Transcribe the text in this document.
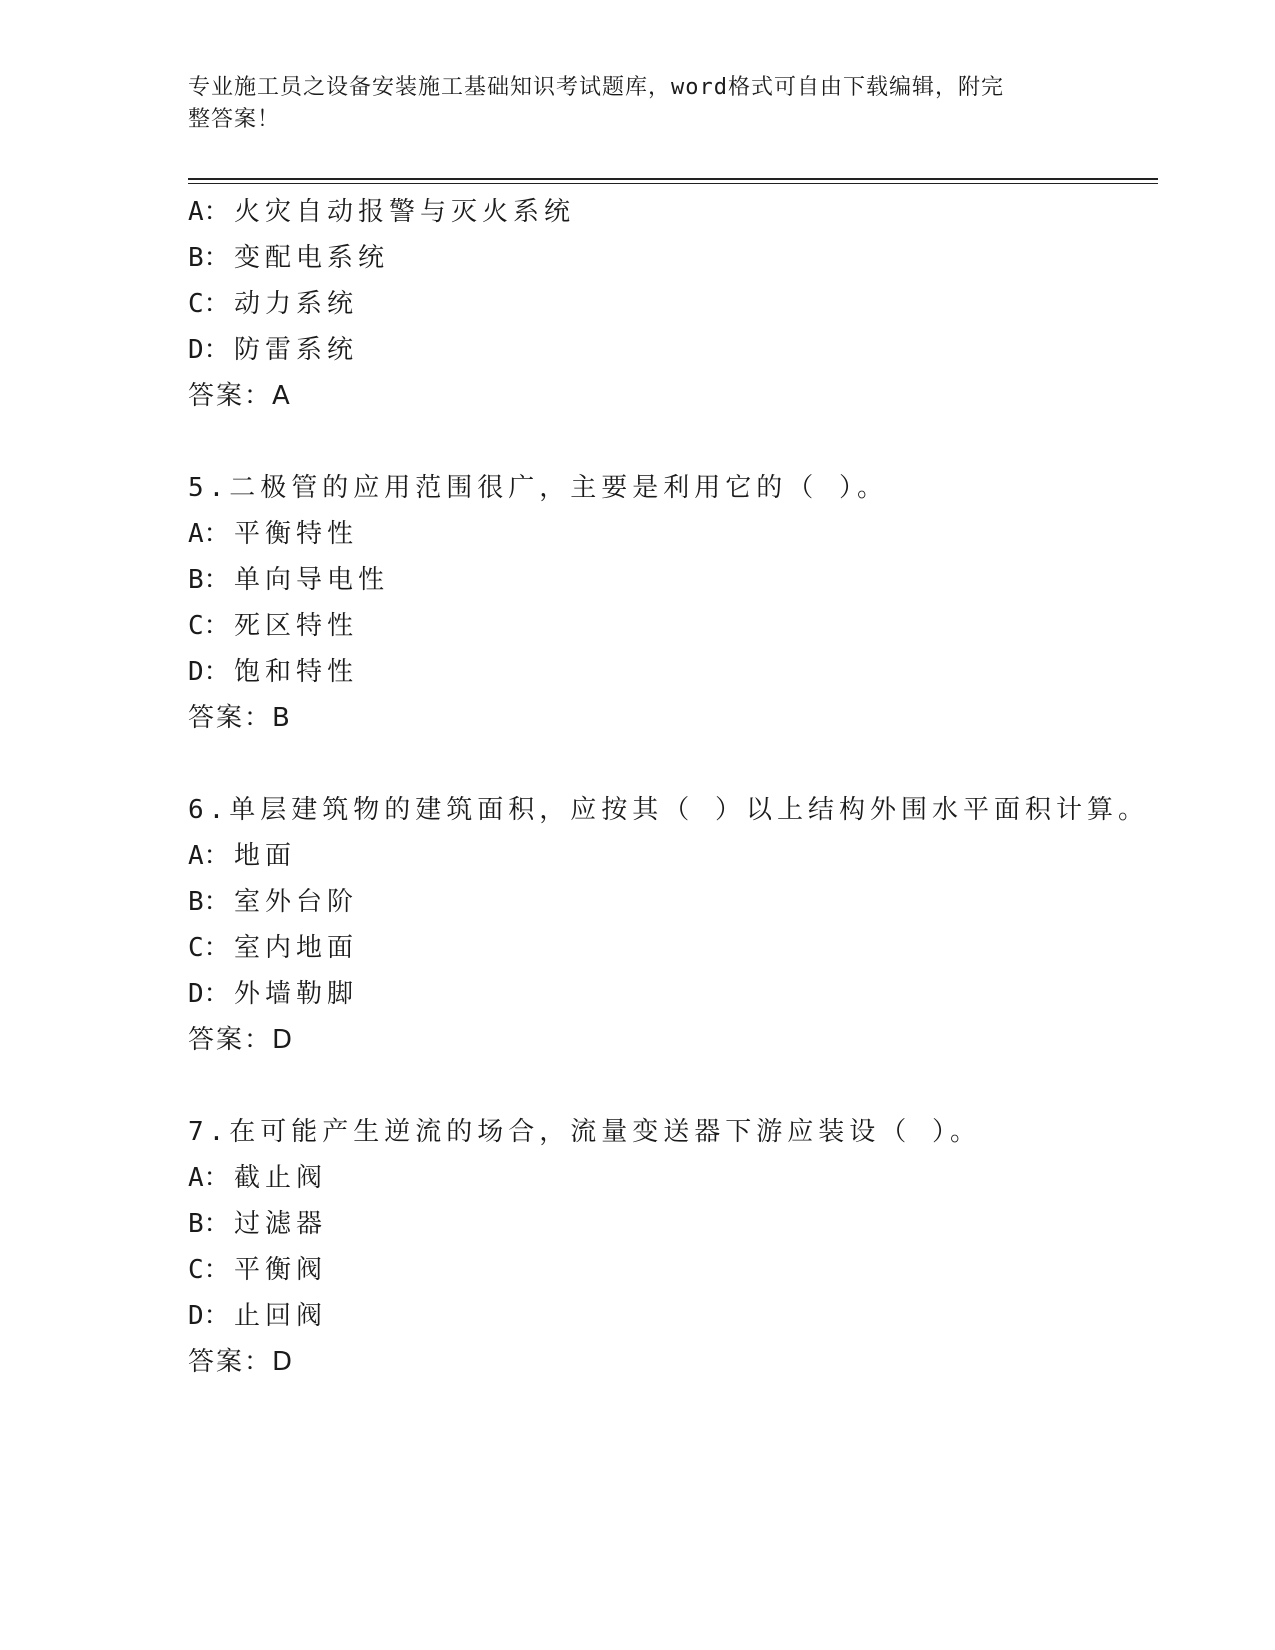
专业施工员之设备安装施工基础知识考试题库，word格式可自由下载编辑，附完
整答案！
A： 火灾自动报警与灭火系统
B： 变配电系统
C： 动力系统
D： 防雷系统
答案：A
5.二极管的应用范围很广，主要是利用它的（ ）。
A： 平衡特性
B： 单向导电性
C： 死区特性
D： 饱和特性
答案：B
6.单层建筑物的建筑面积，应按其（ ）以上结构外围水平面积计算。
A： 地面
B： 室外台阶
C： 室内地面
D： 外墙勒脚
答案：D
7.在可能产生逆流的场合，流量变送器下游应装设（ ）。
A： 截止阀
B： 过滤器
C： 平衡阀
D： 止回阀
答案：D
